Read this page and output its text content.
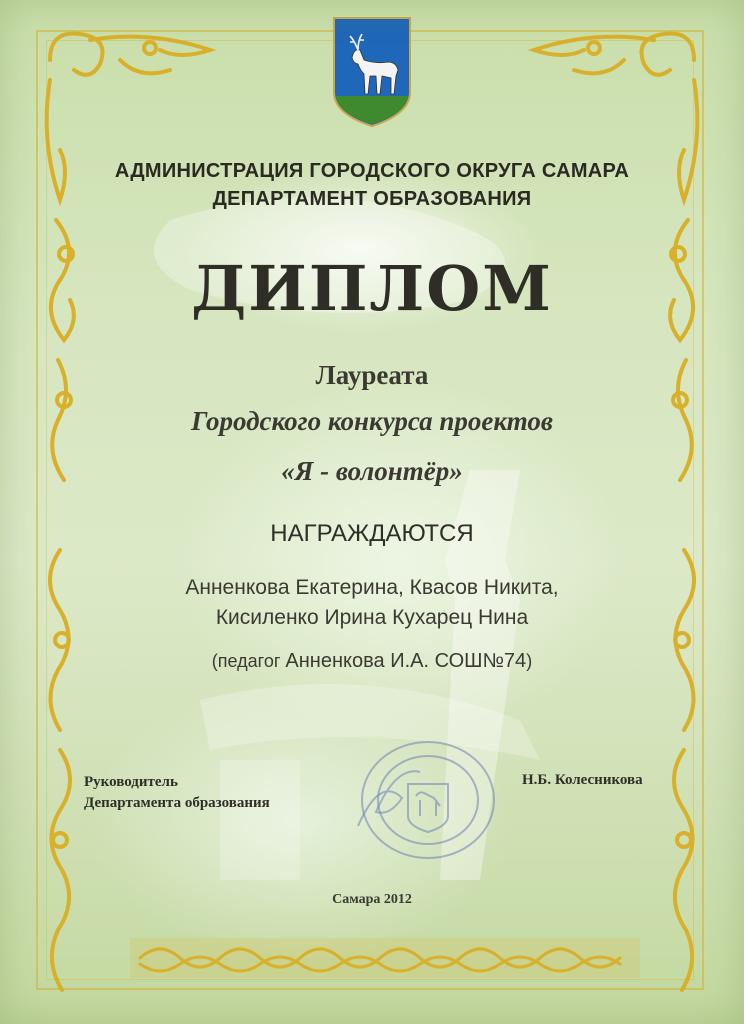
АДМИНИСТРАЦИЯ ГОРОДСКОГО ОКРУГА САМАРА
ДЕПАРТАМЕНТ ОБРАЗОВАНИЯ
ДИПЛОМ
Лауреата
Городского конкурса проектов
«Я - волонтёр»
НАГРАЖДАЮТСЯ
Анненкова Екатерина, Квасов Никита,
Кисиленко Ирина Кухарец Нина
(педагог Анненкова И.А. СОШ№74)
Руководитель
Департамента образования
Н.Б. Колесникова
Самара 2012
